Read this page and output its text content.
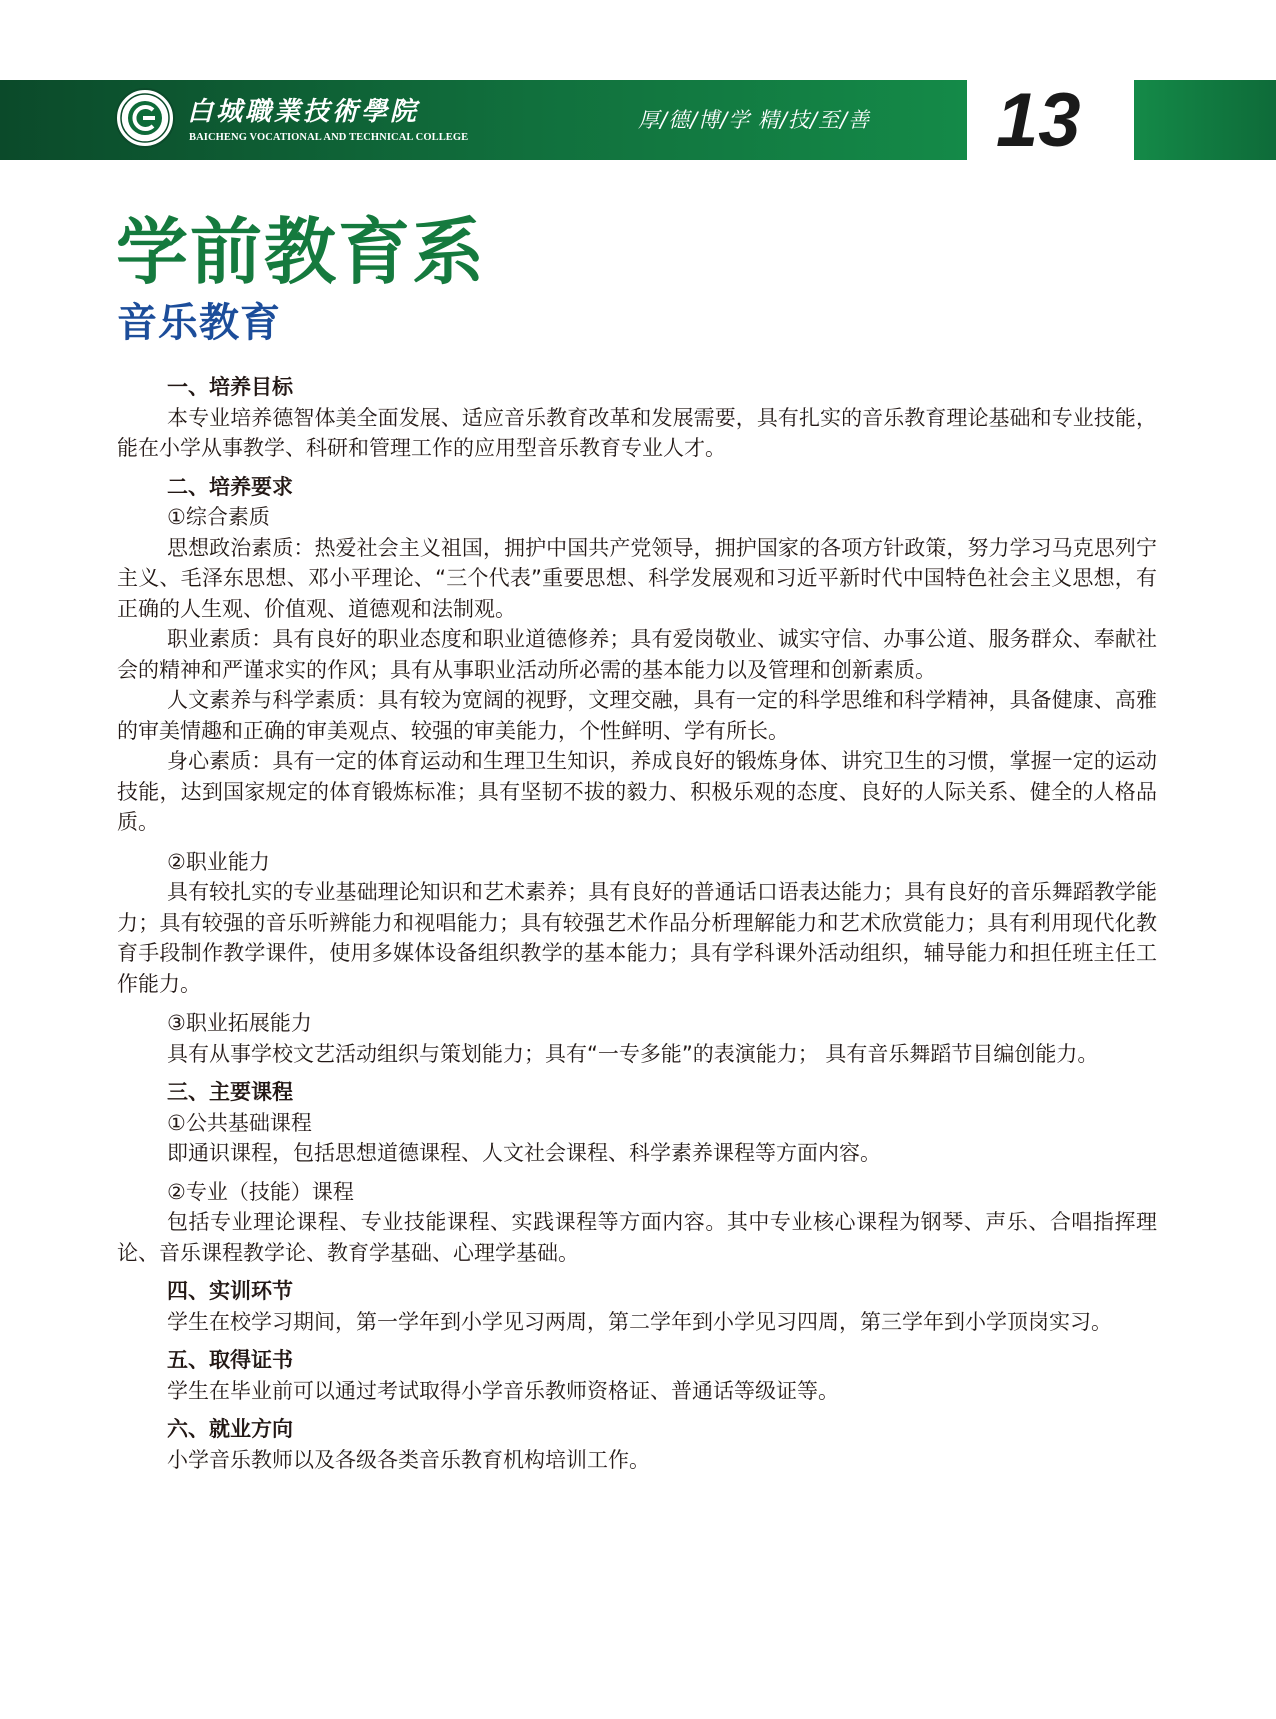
白城職業技術學院
BAICHENG VOCATIONAL AND TECHNICAL COLLEGE
厚/德/博/学 精/技/至/善 13
学前教育系
音乐教育

一、培养目标

本专业培养德智体美全面发展、适应音乐教育改革和发展需要，具有扎实的音乐教育理论基础和专业技能，能在小学从事教学、科研和管理工作的应用型音乐教育专业人才。

二、培养要求

①综合素质

思想政治素质：热爱社会主义祖国，拥护中国共产党领导，拥护国家的各项方针政策，努力学习马克思列宁主义、毛泽东思想、邓小平理论、“三个代表”重要思想、科学发展观和习近平新时代中国特色社会主义思想，有正确的人生观、价值观、道德观和法制观。

职业素质：具有良好的职业态度和职业道德修养；具有爱岗敬业、诚实守信、办事公道、服务群众、奉献社会的精神和严谨求实的作风；具有从事职业活动所必需的基本能力以及管理和创新素质。

人文素养与科学素质：具有较为宽阔的视野，文理交融，具有一定的科学思维和科学精神，具备健康、高雅的审美情趣和正确的审美观点、较强的审美能力，个性鲜明、学有所长。

身心素质：具有一定的体育运动和生理卫生知识，养成良好的锻炼身体、讲究卫生的习惯，掌握一定的运动技能，达到国家规定的体育锻炼标准；具有坚韧不拔的毅力、积极乐观的态度、良好的人际关系、健全的人格品质。

②职业能力

具有较扎实的专业基础理论知识和艺术素养；具有良好的普通话口语表达能力；具有良好的音乐舞蹈教学能力；具有较强的音乐听辨能力和视唱能力；具有较强艺术作品分析理解能力和艺术欣赏能力；具有利用现代化教育手段制作教学课件，使用多媒体设备组织教学的基本能力；具有学科课外活动组织，辅导能力和担任班主任工作能力。

③职业拓展能力

具有从事学校文艺活动组织与策划能力；具有“一专多能”的表演能力； 具有音乐舞蹈节目编创能力。

三、主要课程

①公共基础课程

即通识课程，包括思想道德课程、人文社会课程、科学素养课程等方面内容。

②专业（技能）课程

包括专业理论课程、专业技能课程、实践课程等方面内容。其中专业核心课程为钢琴、声乐、合唱指挥理论、音乐课程教学论、教育学基础、心理学基础。

四、实训环节

学生在校学习期间，第一学年到小学见习两周，第二学年到小学见习四周，第三学年到小学顶岗实习。

五、取得证书

学生在毕业前可以通过考试取得小学音乐教师资格证、普通话等级证等。

六、就业方向

小学音乐教师以及各级各类音乐教育机构培训工作。
